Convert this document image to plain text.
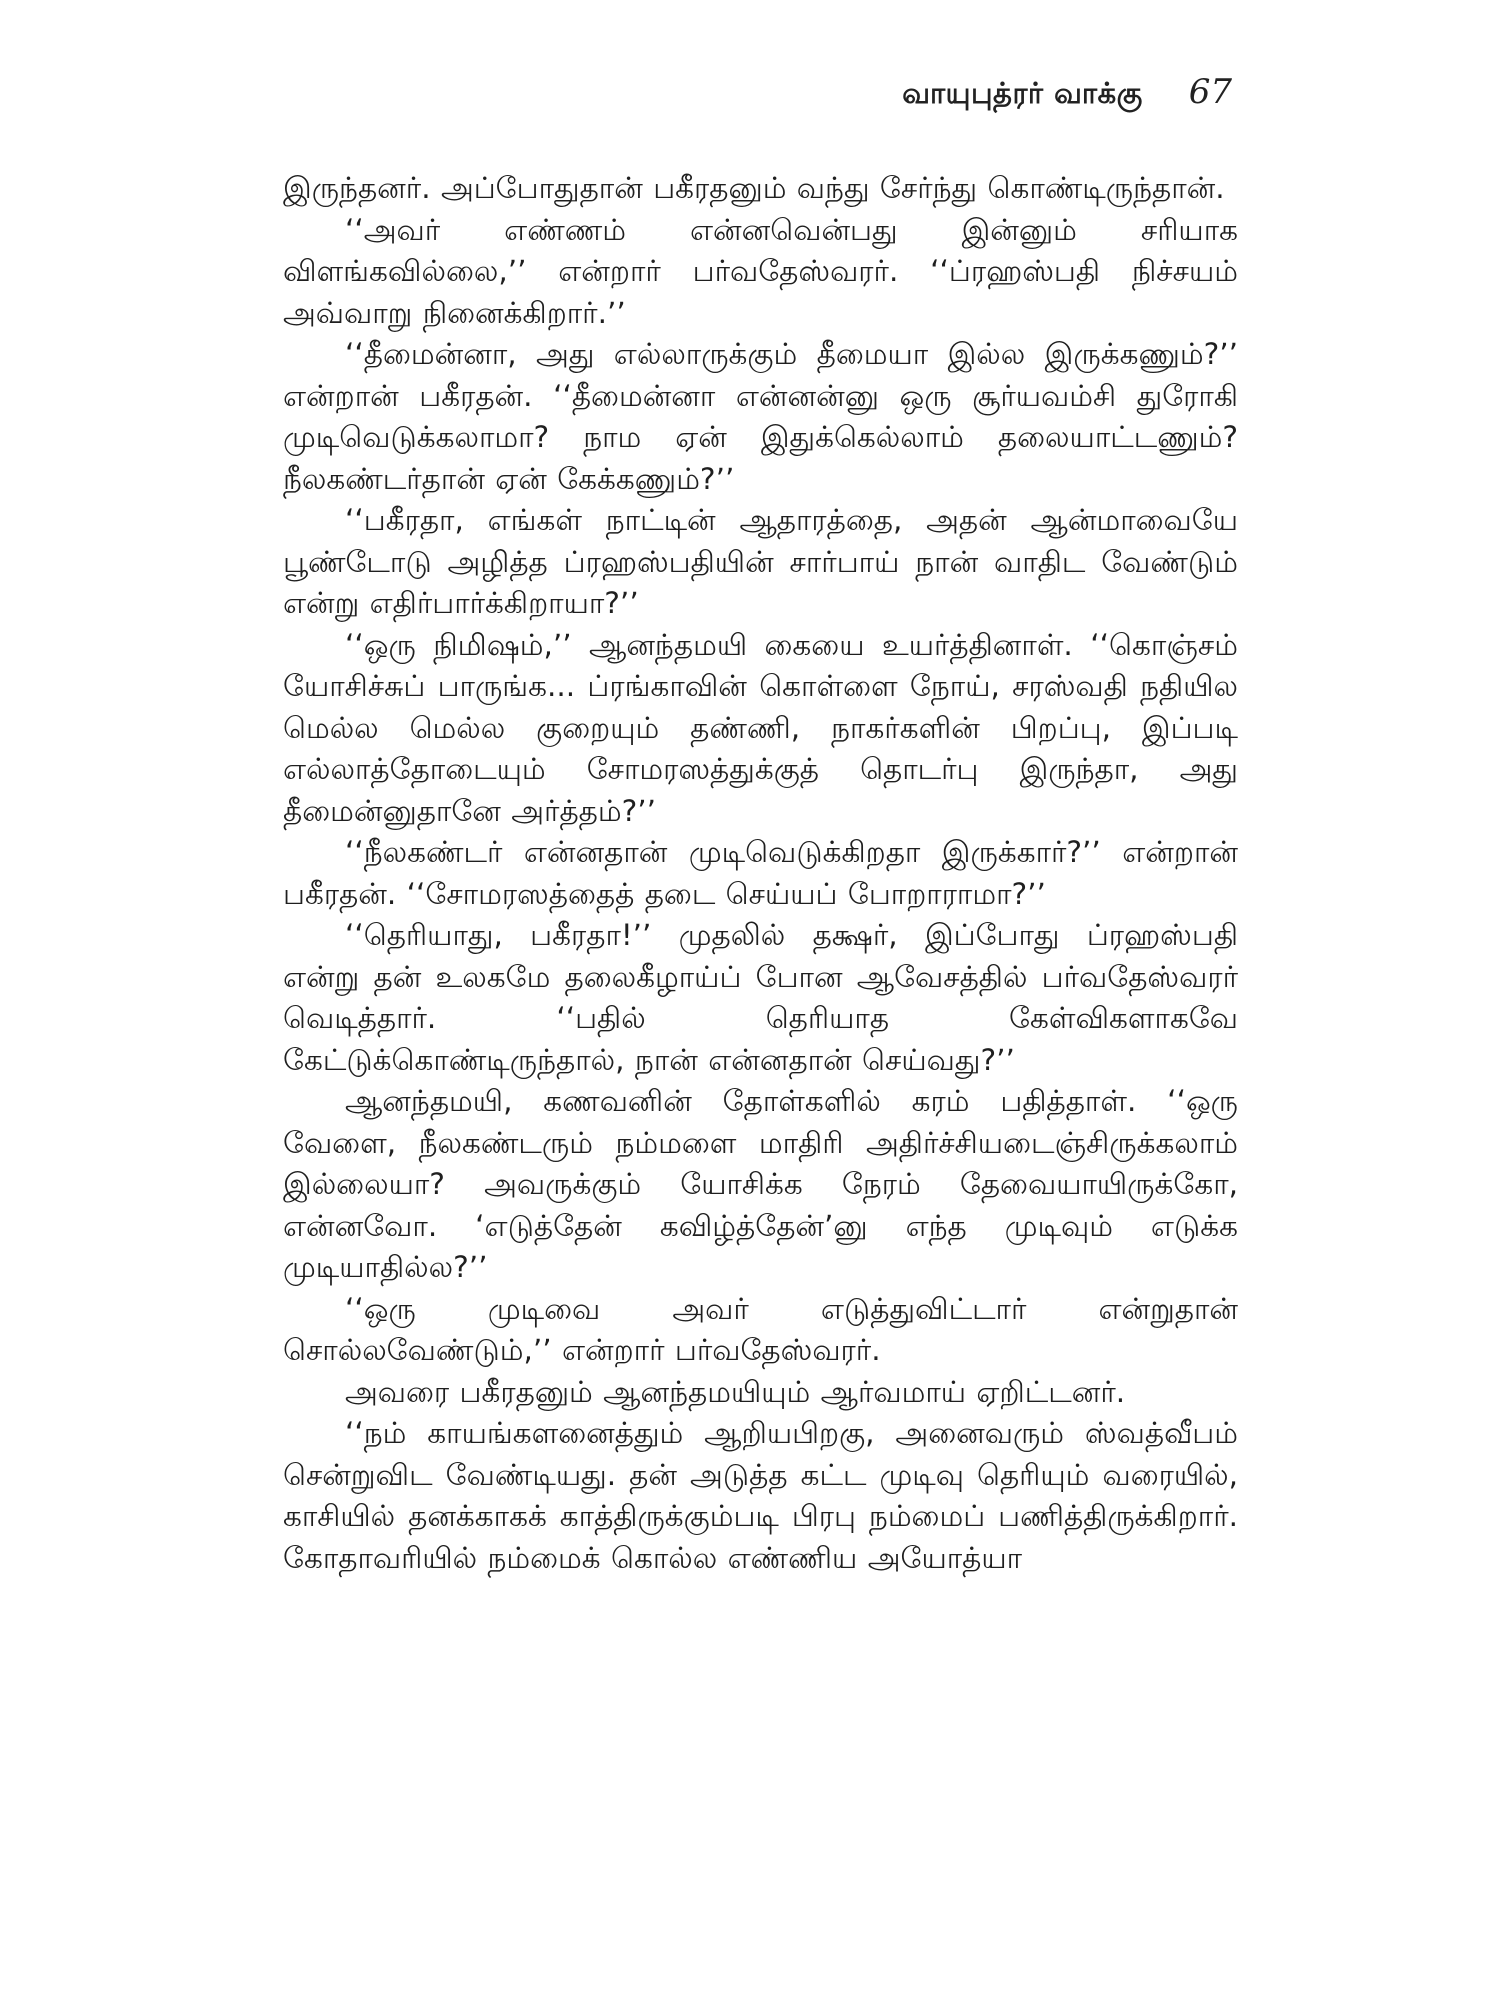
வாயுபுத்ரர் வாக்கு 67

இருந்தனர். அப்போதுதான் பகீரதனும் வந்து சேர்ந்து கொண்டிருந்தான்.

‘‘அவர் எண்ணம் என்னவென்பது இன்னும் சரியாக விளங்கவில்லை,’’ என்றார் பர்வதேஸ்வரர். ‘‘ப்ரஹஸ்பதி நிச்சயம் அவ்வாறு நினைக்கிறார்.’’

‘‘தீமைன்னா, அது எல்லாருக்கும் தீமையா இல்ல இருக்கணும்?’’ என்றான் பகீரதன். ‘‘தீமைன்னா என்னன்னு ஒரு சூர்யவம்சி துரோகி முடிவெடுக்கலாமா? நாம ஏன் இதுக்கெல்லாம் தலையாட்டணும்? நீலகண்டர்தான் ஏன் கேக்கணும்?’’

‘‘பகீரதா, எங்கள் நாட்டின் ஆதாரத்தை, அதன் ஆன்மாவையே பூண்டோடு அழித்த ப்ரஹஸ்பதியின் சார்பாய் நான் வாதிட வேண்டும் என்று எதிர்பார்க்கிறாயா?’’

‘‘ஒரு நிமிஷம்,’’ ஆனந்தமயி கையை உயர்த்தினாள். ‘‘கொஞ்சம் யோசிச்சுப் பாருங்க... ப்ரங்காவின் கொள்ளை நோய், சரஸ்வதி நதியில மெல்ல மெல்ல குறையும் தண்ணி, நாகர்களின் பிறப்பு, இப்படி எல்லாத்தோடையும் சோமரஸத்துக்குத் தொடர்பு இருந்தா, அது தீமைன்னுதானே அர்த்தம்?’’

‘‘நீலகண்டர் என்னதான் முடிவெடுக்கிறதா இருக்கார்?’’ என்றான் பகீரதன். ‘‘சோமரஸத்தைத் தடை செய்யப் போறாராமா?’’

‘‘தெரியாது, பகீரதா!’’ முதலில் தக்ஷர், இப்போது ப்ரஹஸ்பதி என்று தன் உலகமே தலைகீழாய்ப் போன ஆவேசத்தில் பர்வதேஸ்வரர் வெடித்தார். ‘‘பதில் தெரியாத கேள்விகளாகவே கேட்டுக்கொண்டிருந்தால், நான் என்னதான் செய்வது?’’

ஆனந்தமயி, கணவனின் தோள்களில் கரம் பதித்தாள். ‘‘ஒரு வேளை, நீலகண்டரும் நம்மளை மாதிரி அதிர்ச்சியடைஞ்சிருக்கலாம் இல்லையா? அவருக்கும் யோசிக்க நேரம் தேவையாயிருக்கோ, என்னவோ. ‘எடுத்தேன் கவிழ்த்தேன்’னு எந்த முடிவும் எடுக்க முடியாதில்ல?’’

‘‘ஒரு முடிவை அவர் எடுத்துவிட்டார் என்றுதான் சொல்லவேண்டும்,’’ என்றார் பர்வதேஸ்வரர்.

அவரை பகீரதனும் ஆனந்தமயியும் ஆர்வமாய் ஏறிட்டனர்.

‘‘நம் காயங்களனைத்தும் ஆறியபிறகு, அனைவரும் ஸ்வத்வீபம் சென்றுவிட வேண்டியது. தன் அடுத்த கட்ட முடிவு தெரியும் வரையில், காசியில் தனக்காகக் காத்திருக்கும்படி பிரபு நம்மைப் பணித்திருக்கிறார். கோதாவரியில் நம்மைக் கொல்ல எண்ணிய அயோத்யா
